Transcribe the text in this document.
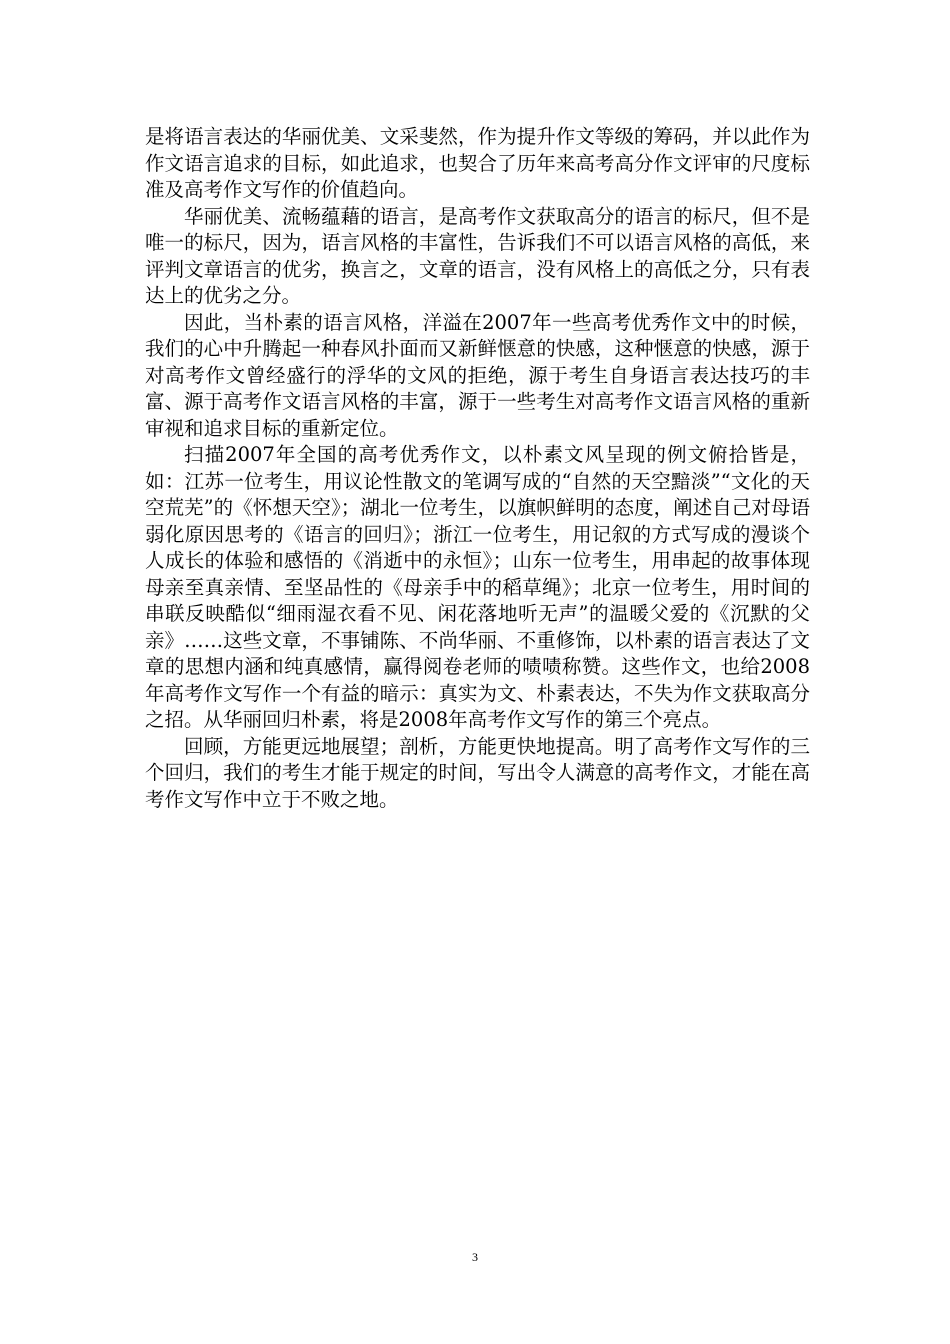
是将语言表达的华丽优美、文采斐然，作为提升作文等级的筹码，并以此作为作文语言追求的目标，如此追求，也契合了历年来高考高分作文评审的尺度标准及高考作文写作的价值趋向。

华丽优美、流畅蕴藉的语言，是高考作文获取高分的语言的标尺，但不是唯一的标尺，因为，语言风格的丰富性，告诉我们不可以语言风格的高低，来评判文章语言的优劣，换言之，文章的语言，没有风格上的高低之分，只有表达上的优劣之分。

因此，当朴素的语言风格，洋溢在2007年一些高考优秀作文中的时候，我们的心中升腾起一种春风扑面而又新鲜惬意的快感，这种惬意的快感，源于对高考作文曾经盛行的浮华的文风的拒绝，源于考生自身语言表达技巧的丰富、源于高考作文语言风格的丰富，源于一些考生对高考作文语言风格的重新审视和追求目标的重新定位。

扫描2007年全国的高考优秀作文，以朴素文风呈现的例文俯拾皆是，如：江苏一位考生，用议论性散文的笔调写成的“自然的天空黯淡”“文化的天空荒芜”的《怀想天空》；湖北一位考生，以旗帜鲜明的态度，阐述自己对母语弱化原因思考的《语言的回归》；浙江一位考生，用记叙的方式写成的漫谈个人成长的体验和感悟的《消逝中的永恒》；山东一位考生，用串起的故事体现母亲至真亲情、至坚品性的《母亲手中的稻草绳》；北京一位考生，用时间的串联反映酷似“细雨湿衣看不见、闲花落地听无声”的温暖父爱的《沉默的父亲》……这些文章，不事铺陈、不尚华丽、不重修饰，以朴素的语言表达了文章的思想内涵和纯真感情，赢得阅卷老师的啧啧称赞。这些作文，也给2008年高考作文写作一个有益的暗示：真实为文、朴素表达，不失为作文获取高分之招。从华丽回归朴素，将是2008年高考作文写作的第三个亮点。

回顾，方能更远地展望；剖析，方能更快地提高。明了高考作文写作的三个回归，我们的考生才能于规定的时间，写出令人满意的高考作文，才能在高考作文写作中立于不败之地。

3
